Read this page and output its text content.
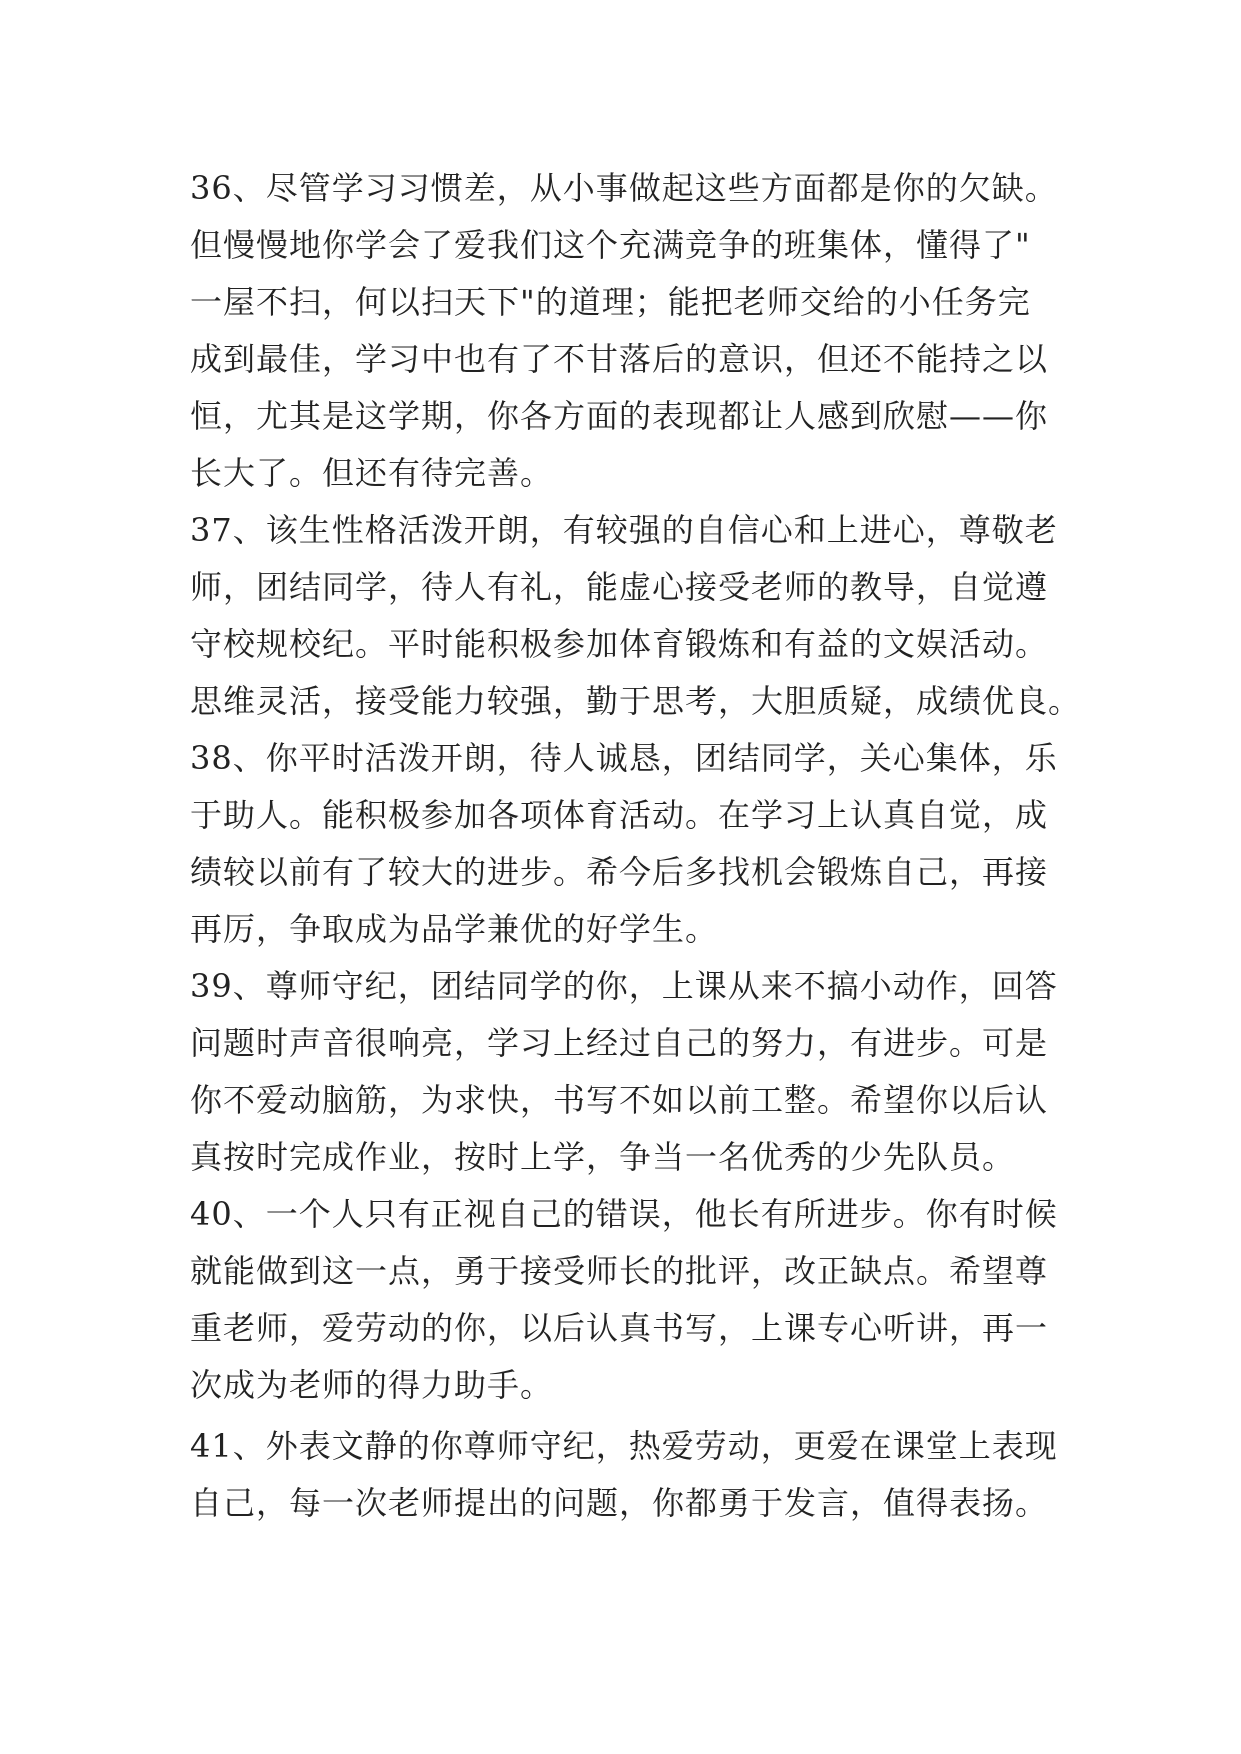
36、尽管学习习惯差，从小事做起这些方面都是你的欠缺。
但慢慢地你学会了爱我们这个充满竞争的班集体，懂得了"
一屋不扫，何以扫天下"的道理；能把老师交给的小任务完
成到最佳，学习中也有了不甘落后的意识，但还不能持之以
恒，尤其是这学期，你各方面的表现都让人感到欣慰——你
长大了。但还有待完善。
37、该生性格活泼开朗，有较强的自信心和上进心，尊敬老
师，团结同学，待人有礼，能虚心接受老师的教导，自觉遵
守校规校纪。平时能积极参加体育锻炼和有益的文娱活动。
思维灵活，接受能力较强，勤于思考，大胆质疑，成绩优良。
38、你平时活泼开朗，待人诚恳，团结同学，关心集体，乐
于助人。能积极参加各项体育活动。在学习上认真自觉，成
绩较以前有了较大的进步。希今后多找机会锻炼自己，再接
再厉，争取成为品学兼优的好学生。
39、尊师守纪，团结同学的你，上课从来不搞小动作，回答
问题时声音很响亮，学习上经过自己的努力，有进步。可是
你不爱动脑筋，为求快，书写不如以前工整。希望你以后认
真按时完成作业，按时上学，争当一名优秀的少先队员。
40、一个人只有正视自己的错误，他长有所进步。你有时候
就能做到这一点，勇于接受师长的批评，改正缺点。希望尊
重老师，爱劳动的你，以后认真书写，上课专心听讲，再一
次成为老师的得力助手。
41、外表文静的你尊师守纪，热爱劳动，更爱在课堂上表现
自己，每一次老师提出的问题，你都勇于发言，值得表扬。
